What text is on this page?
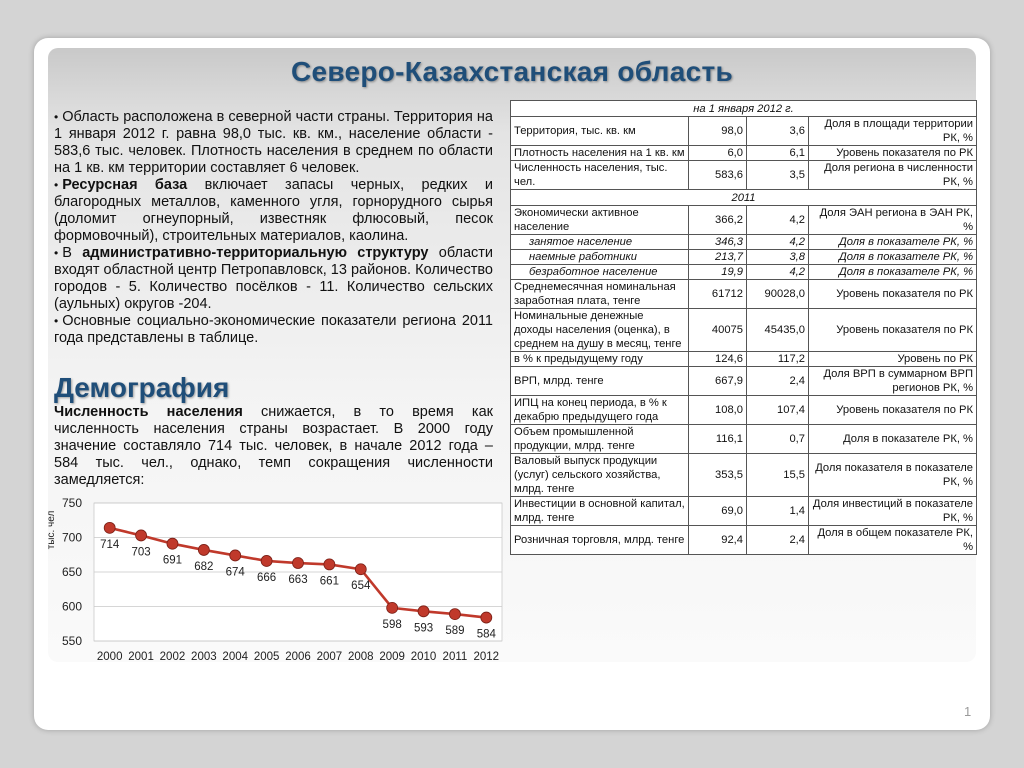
Северо-Казахстанская область
• Область расположена в северной части страны. Территория на 1 января 2012 г. равна 98,0 тыс. кв. км., население области - 583,6 тыс. человек. Плотность населения в среднем по области на 1 кв. км территории составляет 6 человек.
• Ресурсная база включает запасы черных, редких и благородных металлов, каменного угля, горнорудного сырья (доломит огнеупорный, известняк флюсовый, песок формовочный), строительных материалов, каолина.
• В административно-территориальную структуру области входят областной центр Петропавловск, 13 районов. Количество городов - 5. Количество посёлков - 11. Количество сельских (аульных) округов -204.
• Основные социально-экономические показатели региона 2011 года представлены в таблице.
Демография

Численность населения снижается, в то время как численность населения страны возрастает. В 2000 году значение составляло 714 тыс. человек, в начале 2012 года – 584 тыс. чел., однако, темп сокращения численности замедляется:

550
600
650
700
750
тыс. чел
2000 2001 2002 2003 2004 2005 2006 2007 2008 2009 2010 2011 2012
714
703
691
682 674 666 663 661 654
598 593 589 584
на 1 января 2012 г.			
Территория, тыс. кв. км	98,0	3,6	Доля в площади территории РК, %
Плотность населения на 1 кв. км	6,0	6,1	Уровень показателя по РК
Численность населения, тыс. чел.	583,6	3,5	Доля региона в численности РК, %
2011			
Экономически активное население	366,2	4,2	Доля ЭАН региона в ЭАН РК, %
занятое население	346,3	4,2	Доля в показателе РК, %
наемные работники	213,7	3,8	Доля в показателе РК, %
безработное население	19,9	4,2	Доля в показателе РК, %
Среднемесячная номинальная заработная плата, тенге	61712	90028,0	Уровень показателя по РК
Номинальные денежные доходы населения (оценка), в среднем на душу в месяц, тенге	40075	45435,0	Уровень показателя по РК
в % к предыдущему году	124,6	117,2	Уровень по РК
ВРП, млрд. тенге	667,9	2,4	Доля ВРП в суммарном ВРП регионов РК, %
ИПЦ на конец периода, в % к декабрю предыдущего года	108,0	107,4	Уровень показателя по РК
Объем промышленной продукции, млрд. тенге	116,1	0,7	Доля в показателе РК, %
Валовый выпуск продукции (услуг) сельского хозяйства, млрд. тенге	353,5	15,5	Доля показателя в показателе РК, %
Инвестиции в основной капитал, млрд. тенге	69,0	1,4	Доля инвестиций в показателе РК, %
Розничная торговля, млрд. тенге	92,4	2,4	Доля в общем показателе РК, %
1
